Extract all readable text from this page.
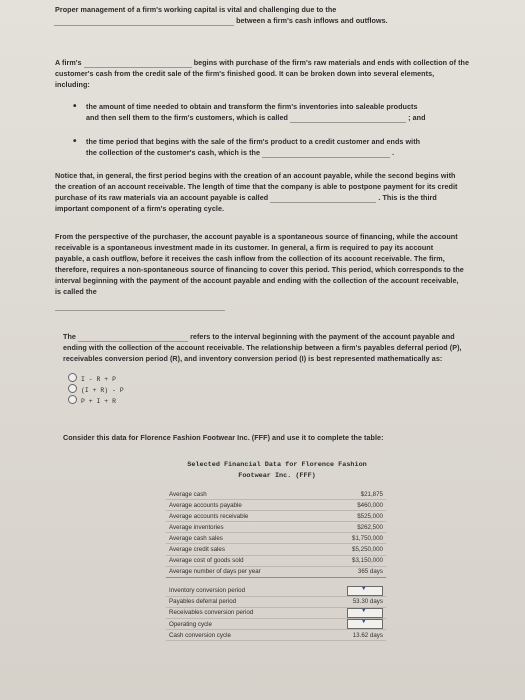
Proper management of a firm's working capital is vital and challenging due to the
between a firm's cash inflows and outflows.
A firm's	begins with purchase of the firm's raw materials and ends with collection of the
customer's cash from the credit sale of the firm's finished good. It can be broken down into several elements,
including:
• the amount of time needed to obtain and transform the firm's inventories into saleable products
and then sell them to the firm's customers, which is called	; and
• the time period that begins with the sale of the firm's product to a credit customer and ends with
the collection of the customer's cash, which is the	.
Notice that, in general, the first period begins with the creation of an account payable, while the second begins with
the creation of an account receivable. The length of time that the company is able to postpone payment for its credit
purchase of its raw materials via an account payable is called	. This is the third
important component of a firm's operating cycle.
From the perspective of the purchaser, the account payable is a spontaneous source of financing, while the account
receivable is a spontaneous investment made in its customer. In general, a firm is required to pay its account
payable, a cash outflow, before it receives the cash inflow from the collection of its account receivable. The firm,
therefore, requires a non-spontaneous source of financing to cover this period. This period, which corresponds to the
interval beginning with the payment of the account payable and ending with the collection of the account receivable,
is called the
The	refers to the interval beginning with the payment of the account payable and
ending with the collection of the account receivable. The relationship between a firm's payables deferral period (P),
receivables conversion period (R), and inventory conversion period (I) is best represented mathematically as:
I - R + P
(I + R) - P
P + I + R
Consider this data for Florence Fashion Footwear Inc. (FFF) and use it to complete the table:
Selected Financial Data for Florence Fashion
Footwear Inc. (FFF)
Average cash	$21,875
Average accounts payable	$460,000
Average accounts receivable	$525,000
Average inventories	$262,500
Average cash sales	$1,750,000
Average credit sales	$5,250,000
Average cost of goods sold	$3,150,000
Average number of days per year	365 days
Inventory conversion period	▼
Payables deferral period	53.30 days
Receivables conversion period	▼
Operating cycle	▼
Cash conversion cycle	13.62 days
